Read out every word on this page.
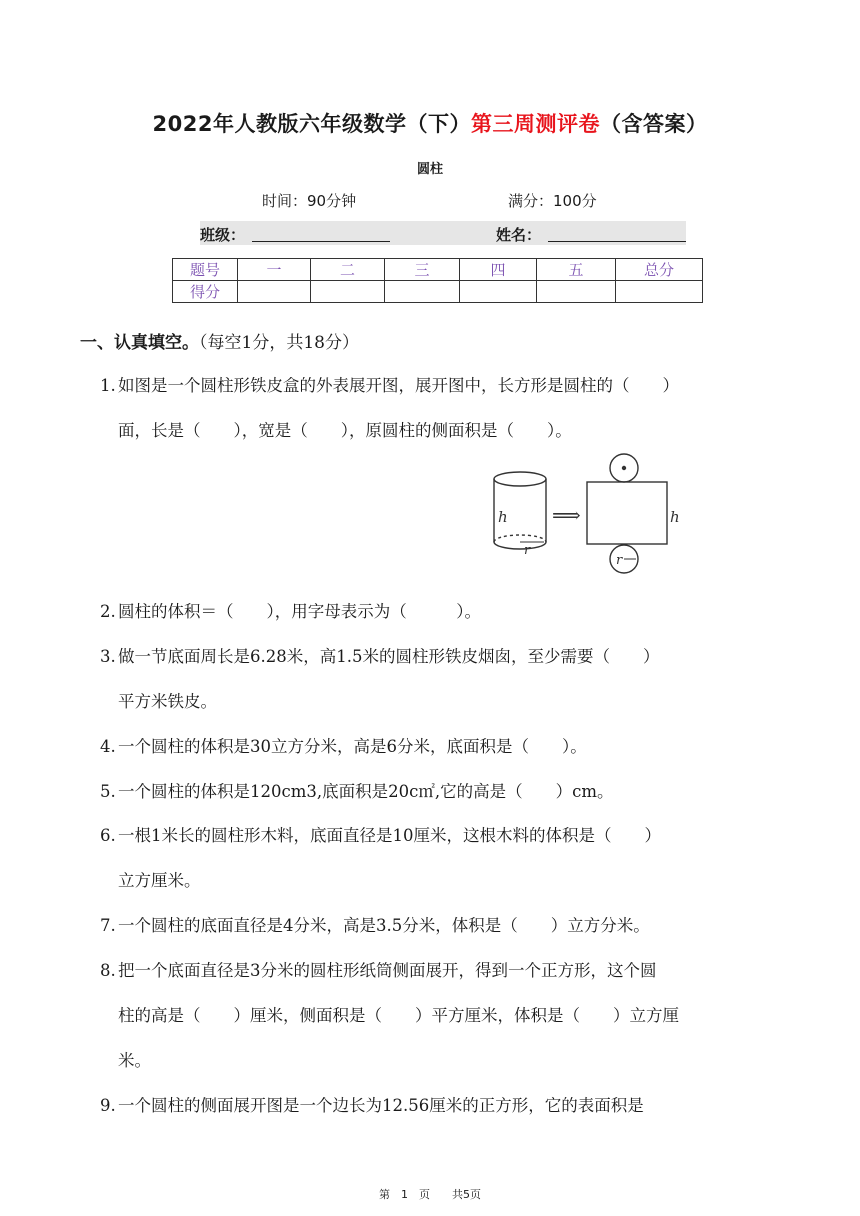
2022年人教版六年级数学（下）第三周测评卷（含答案）
圆柱
时间：90分钟	满分：100分
班级：	姓名：
题号	一	二	三	四	五	总分
得分						
一、认真填空。（每空1分，共18分）
1. 如图是一个圆柱形铁皮盒的外表展开图，展开图中，长方形是圆柱的（　　）
面，长是（　　），宽是（　　），原圆柱的侧面积是（　　）。
h
r
⟹	h
r
2. 圆柱的体积＝（　　），用字母表示为（　　　）。
3. 做一节底面周长是6.28米，高1.5米的圆柱形铁皮烟囱，至少需要（　　）
平方米铁皮。
4. 一个圆柱的体积是30立方分米，高是6分米，底面积是（　　）。
5. 一个圆柱的体积是120cm3,底面积是20c㎡,它的高是（　　）cm。
6. 一根1米长的圆柱形木料，底面直径是10厘米，这根木料的体积是（　　）
立方厘米。
7. 一个圆柱的底面直径是4分米，高是3.5分米，体积是（　　）立方分米。
8. 把一个底面直径是3分米的圆柱形纸筒侧面展开，得到一个正方形，这个圆
柱的高是（　　）厘米，侧面积是（　　）平方厘米，体积是（　　）立方厘
米。
9. 一个圆柱的侧面展开图是一个边长为12.56厘米的正方形，它的表面积是
第　1　页　　共5页
